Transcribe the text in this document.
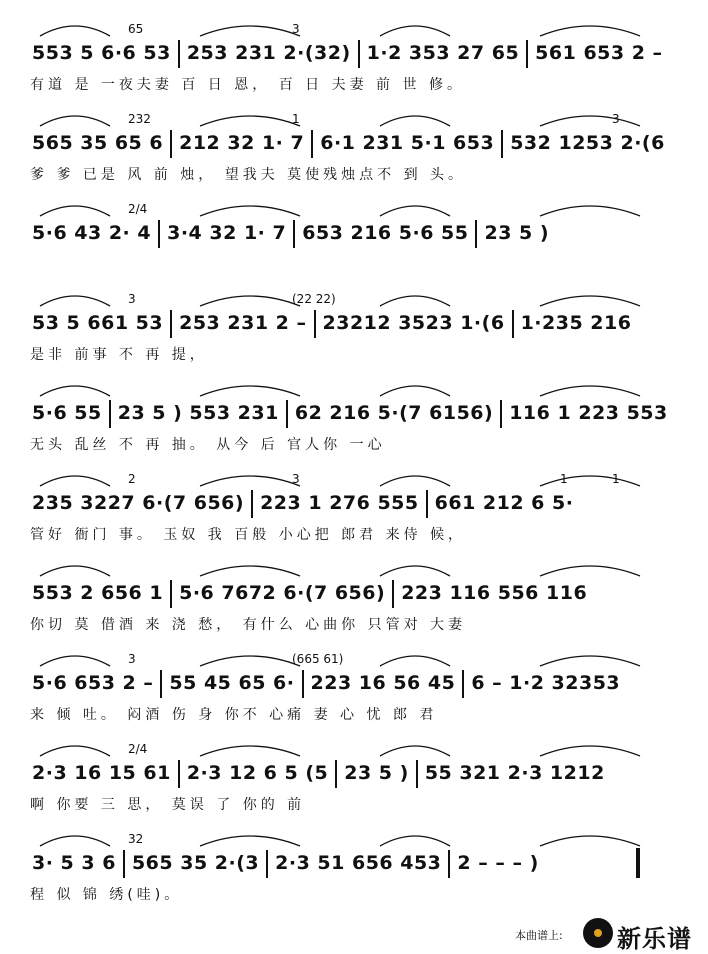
553 5 6·6 53 253 231 2·(32) 1·2 353 27 65 561 653 2 –
65	3
有道 是 一夜夫妻 百 日 恩， 百 日 夫妻 前 世 修。
565 35 65 6 212 32 1· 7 6·1 231 5·1 653 532 1253 2·(6
232	1	3
爹 爹 已是 风 前 烛， 望我夫 莫使残烛点不 到 头。
5·6 43 2· 4 3·4 32 1· 7 653 216 5·6 55 23 5 )
2/4
53 5 661 53 253 231 2 – 23212 3523 1·(6 1·235 216
3	(22 22)
是非 前事 不 再 提，
5·6 55 23 5 ) 553 231 62 216 5·(7 6156) 116 1 223 553
无头 乱丝 不 再 抽。 从今 后 官人你 一心
235 3227 6·(7 656) 223 1 276 555 661 212 6 5·
2	3	1
1
管好 衙门 事。 玉奴 我 百般 小心把 郎君 来侍 候，
553 2 656 1 5·6 7672 6·(7 656) 223 116 556 116
你切 莫 借酒 来 浇 愁， 有什么 心曲你 只管对 大妻
5·6 653 2 – 55 45 65 6· 223 16 56 45 6 – 1·2 32353
3	(665 61)
来 倾 吐。 闷酒 伤 身 你不 心痛 妻 心 忧 郎 君
2·3 16 15 61 2·3 12 6 5 (5 23 5 ) 55 321 2·3 1212
2/4
啊 你要 三 思， 莫误 了 你的 前
3· 5 3 6 565 35 2·(3 2·3 51 656 453 2 – – – )
32
程 似 锦 绣(哇)。
本曲谱上: 新乐谱
